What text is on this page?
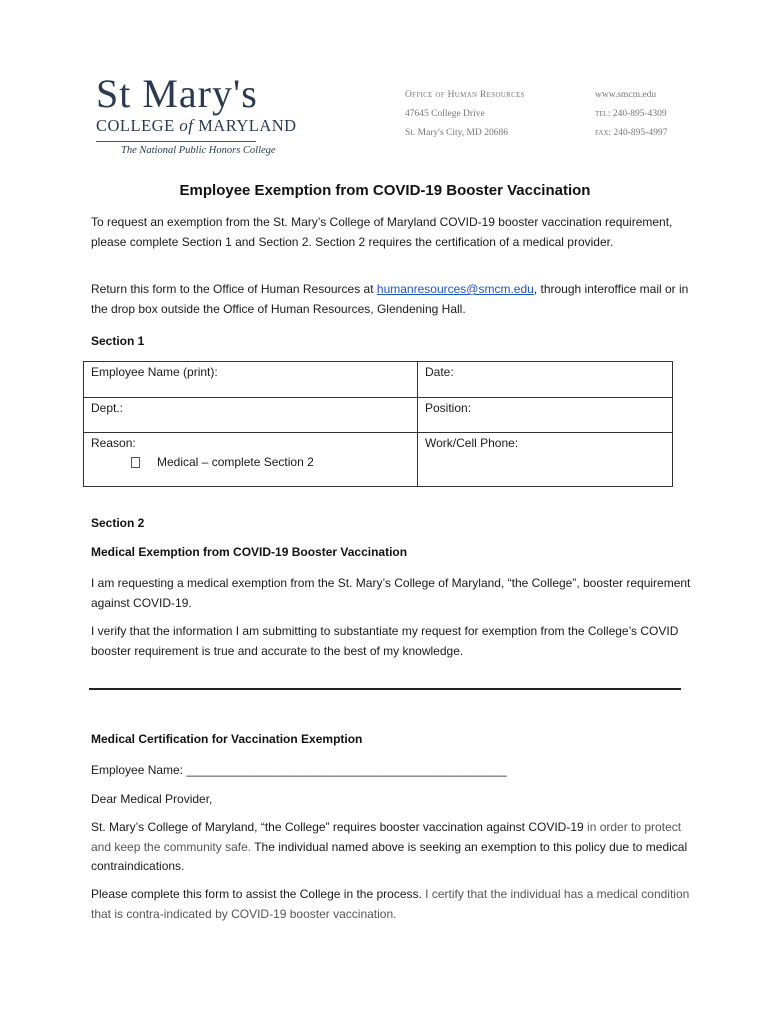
St Mary's
COLLEGE of MARYLAND
The National Public Honors College
Office of Human Resources
47645 College Drive
St. Mary's City, MD 20686
www.smcm.edu
tel: 240-895-4309
fax: 240-895-4997
Employee Exemption from COVID-19 Booster Vaccination
To request an exemption from the St. Mary’s College of Maryland COVID-19 booster vaccination requirement, please complete Section 1 and Section 2. Section 2 requires the certification of a medical provider.
Return this form to the Office of Human Resources at humanresources@smcm.edu, through interoffice mail or in the drop box outside the Office of Human Resources, Glendening Hall.
Section 1
Employee Name (print):	Date:
Dept.:	Position:

Reason:
Medical – complete Section 2	Work/Cell Phone:
Section 2
Medical Exemption from COVID-19 Booster Vaccination
I am requesting a medical exemption from the St. Mary’s College of Maryland, “the College”, booster requirement against COVID-19.
I verify that the information I am submitting to substantiate my request for exemption from the College’s COVID booster requirement is true and accurate to the best of my knowledge.
Medical Certification for Vaccination Exemption
Employee Name: ________________________________________________
Dear Medical Provider,
St. Mary’s College of Maryland, “the College” requires booster vaccination against COVID-19 in order to protect and keep the community safe. The individual named above is seeking an exemption to this policy due to medical contraindications.
Please complete this form to assist the College in the process. I certify that the individual has a medical condition that is contra-indicated by COVID-19 booster vaccination.
